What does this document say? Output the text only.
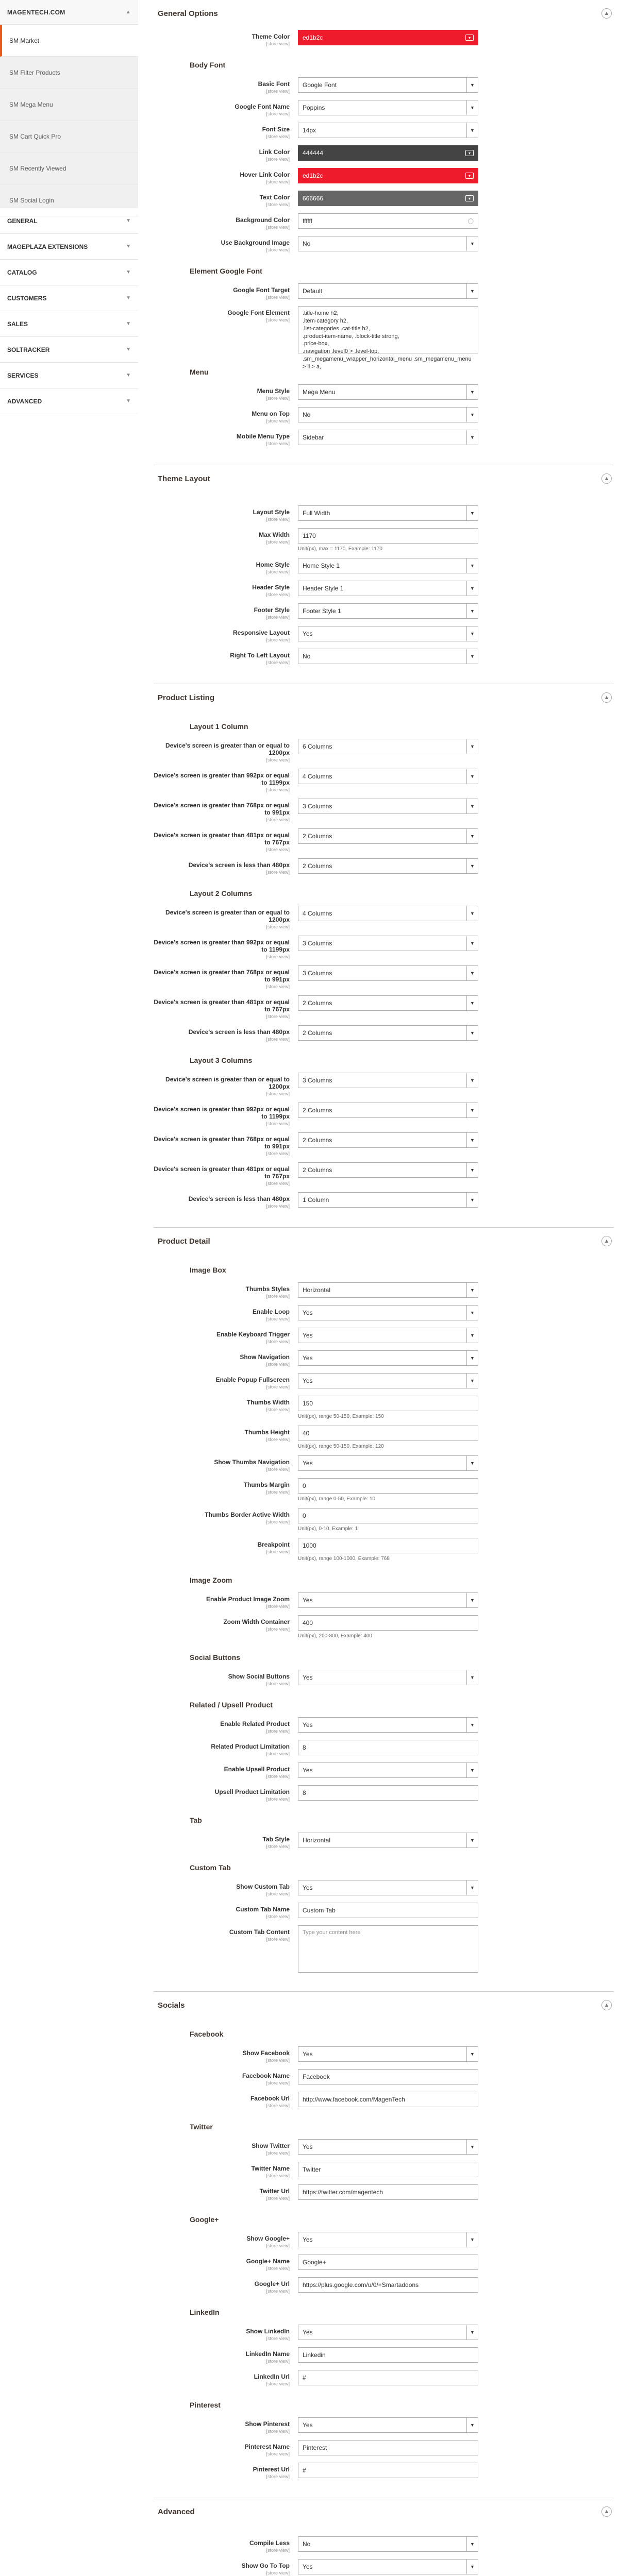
MAGENTECH.COM	▲
SM Market
SM Filter Products
SM Mega Menu
SM Cart Quick Pro
SM Recently Viewed
SM Social Login
GENERAL	▼
MAGEPLAZA EXTENSIONS	▼
CATALOG	▼
CUSTOMERS	▼
SALES	▼
SOLTRACKER	▼
SERVICES	▼
ADVANCED	▼
General Options	▲
Theme Color
[store view]
ed1b2c	▾
Body Font
Basic Font
[store view]
Google Font	▼
Google Font Name
[store view]
Poppins	▼
Font Size
[store view]
14px	▼
Link Color
[store view]
444444	▾
Hover Link Color
[store view]
ed1b2c	▾
Text Color
[store view]
666666	▾
Background Color
[store view]
ffffff	◯
Use Background Image
[store view]
No	▼
Element Google Font
Google Font Target
[store view]
Default	▼
Google Font Element
[store view]
.title-home h2,
.item-category h2,
.list-categories .cat-title h2,
.product-item-name, .block-title strong,
.price-box,
.navigation .level0 > .level-top,
.sm_megamenu_wrapper_horizontal_menu .sm_megamenu_menu > li > a,
Menu
Menu Style
[store view]
Mega Menu	▼
Menu on Top
[store view]
No	▼
Mobile Menu Type
[store view]
Sidebar	▼
Theme Layout	▲
Layout Style
[store view]
Full Width	▼
Max Width
[store view]
1170
Unit(px), max = 1170, Example: 1170
Home Style
[store view]
Home Style 1	▼
Header Style
[store view]
Header Style 1	▼
Footer Style
[store view]
Footer Style 1	▼
Responsive Layout
[store view]
Yes	▼
Right To Left Layout
[store view]
No	▼
Product Listing	▲
Layout 1 Column
Device's screen is greater than or equal to 1200px
[store view]
6 Columns	▼
Device's screen is greater than 992px or equal to 1199px
[store view]
4 Columns	▼
Device's screen is greater than 768px or equal to 991px
[store view]
3 Columns	▼
Device's screen is greater than 481px or equal to 767px
[store view]
2 Columns	▼
Device's screen is less than 480px
[store view]
2 Columns	▼
Layout 2 Columns
Device's screen is greater than or equal to 1200px
[store view]
4 Columns	▼
Device's screen is greater than 992px or equal to 1199px
[store view]
3 Columns	▼
Device's screen is greater than 768px or equal to 991px
[store view]
3 Columns	▼
Device's screen is greater than 481px or equal to 767px
[store view]
2 Columns	▼
Device's screen is less than 480px
[store view]
2 Columns	▼
Layout 3 Columns
Device's screen is greater than or equal to 1200px
[store view]
3 Columns	▼
Device's screen is greater than 992px or equal to 1199px
[store view]
2 Columns	▼
Device's screen is greater than 768px or equal to 991px
[store view]
2 Columns	▼
Device's screen is greater than 481px or equal to 767px
[store view]
2 Columns	▼
Device's screen is less than 480px
[store view]
1 Column	▼
Product Detail	▲
Image Box
Thumbs Styles
[store view]
Horizontal	▼
Enable Loop
[store view]
Yes	▼
Enable Keyboard Trigger
[store view]
Yes	▼
Show Navigation
[store view]
Yes	▼
Enable Popup Fullscreen
[store view]
Yes	▼
Thumbs Width
[store view]
150
Unit(px), range 50-150, Example: 150
Thumbs Height
[store view]
40
Unit(px), range 50-150, Example: 120
Show Thumbs Navigation
[store view]
Yes	▼
Thumbs Margin
[store view]
0
Unit(px), range 0-50, Example: 10
Thumbs Border Active Width
[store view]
0
Unit(px), 0-10, Example: 1
Breakpoint
[store view]
1000
Unit(px), range 100-1000, Example: 768
Image Zoom
Enable Product Image Zoom
[store view]
Yes	▼
Zoom Width Container
[store view]
400
Unit(px), 200-800, Example: 400
Social Buttons
Show Social Buttons
[store view]
Yes	▼
Related / Upsell Product
Enable Related Product
[store view]
Yes	▼
Related Product Limitation
[store view]
8
Enable Upsell Product
[store view]
Yes	▼
Upsell Product Limitation
[store view]
8
Tab
Tab Style
[store view]
Horizontal	▼
Custom Tab
Show Custom Tab
[store view]
Yes	▼
Custom Tab Name
[store view]
Custom Tab
Custom Tab Content
[store view]
Type your content here
Socials	▲
Facebook
Show Facebook
[store view]
Yes	▼
Facebook Name
[store view]
Facebook
Facebook Url
[store view]
http://www.facebook.com/MagenTech
Twitter
Show Twitter
[store view]
Yes	▼
Twitter Name
[store view]
Twitter
Twitter Url
[store view]
https://twitter.com/magentech
Google+
Show Google+
[store view]
Yes	▼
Google+ Name
[store view]
Google+
Google+ Url
[store view]
https://plus.google.com/u/0/+Smartaddons
LinkedIn
Show LinkedIn
[store view]
Yes	▼
LinkedIn Name
[store view]
Linkedin
LinkedIn Url
[store view]
#
Pinterest
Show Pinterest
[store view]
Yes	▼
Pinterest Name
[store view]
Pinterest
Pinterest Url
[store view]
#
Advanced	▲
Compile Less
[store view]
No	▼
Show Go To Top
[store view]
Yes	▼
